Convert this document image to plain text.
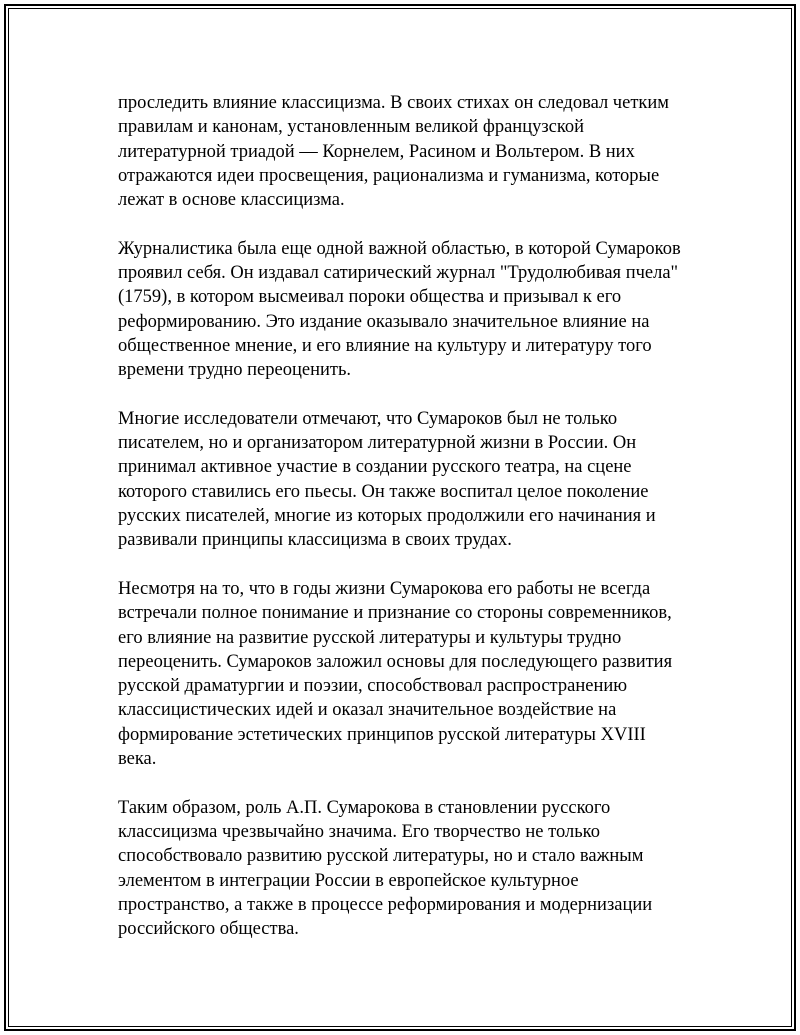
проследить влияние классицизма. В своих стихах он следовал четким
правилам и канонам, установленным великой французской
литературной триадой — Корнелем, Расином и Вольтером. В них
отражаются идеи просвещения, рационализма и гуманизма, которые
лежат в основе классицизма.

Журналистика была еще одной важной областью, в которой Сумароков
проявил себя. Он издавал сатирический журнал "Трудолюбивая пчела"
(1759), в котором высмеивал пороки общества и призывал к его
реформированию. Это издание оказывало значительное влияние на
общественное мнение, и его влияние на культуру и литературу того
времени трудно переоценить.

Многие исследователи отмечают, что Сумароков был не только
писателем, но и организатором литературной жизни в России. Он
принимал активное участие в создании русского театра, на сцене
которого ставились его пьесы. Он также воспитал целое поколение
русских писателей, многие из которых продолжили его начинания и
развивали принципы классицизма в своих трудах.

Несмотря на то, что в годы жизни Сумарокова его работы не всегда
встречали полное понимание и признание со стороны современников,
его влияние на развитие русской литературы и культуры трудно
переоценить. Сумароков заложил основы для последующего развития
русской драматургии и поэзии, способствовал распространению
классицистических идей и оказал значительное воздействие на
формирование эстетических принципов русской литературы XVIII
века.

Таким образом, роль А.П. Сумарокова в становлении русского
классицизма чрезвычайно значима. Его творчество не только
способствовало развитию русской литературы, но и стало важным
элементом в интеграции России в европейское культурное
пространство, а также в процессе реформирования и модернизации
российского общества.
